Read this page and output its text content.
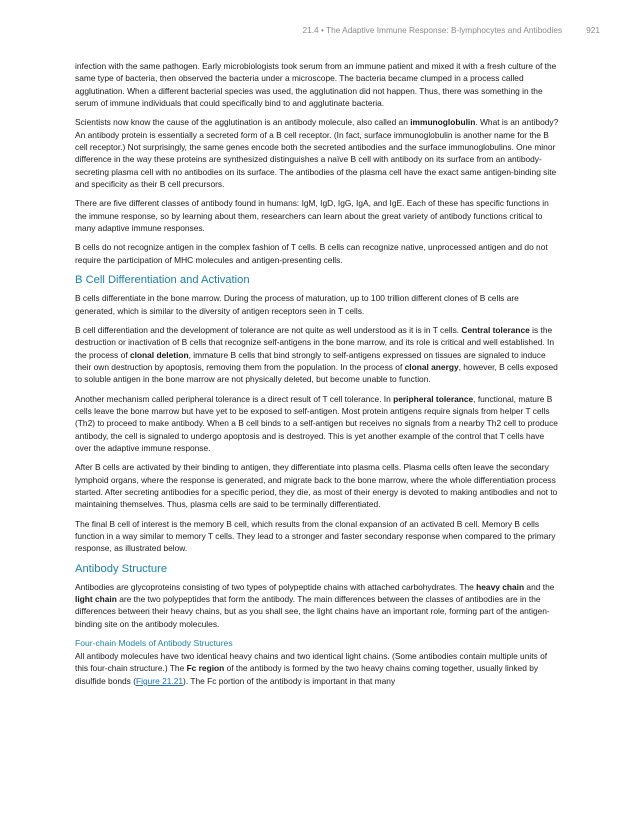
21.4 • The Adaptive Immune Response: B-lymphocytes and Antibodies	921

infection with the same pathogen. Early microbiologists took serum from an immune patient and mixed it with a fresh culture of the same type of bacteria, then observed the bacteria under a microscope. The bacteria became clumped in a process called agglutination. When a different bacterial species was used, the agglutination did not happen. Thus, there was something in the serum of immune individuals that could specifically bind to and agglutinate bacteria.

Scientists now know the cause of the agglutination is an antibody molecule, also called an immunoglobulin. What is an antibody? An antibody protein is essentially a secreted form of a B cell receptor. (In fact, surface immunoglobulin is another name for the B cell receptor.) Not surprisingly, the same genes encode both the secreted antibodies and the surface immunoglobulins. One minor difference in the way these proteins are synthesized distinguishes a naïve B cell with antibody on its surface from an antibody-secreting plasma cell with no antibodies on its surface. The antibodies of the plasma cell have the exact same antigen-binding site and specificity as their B cell precursors.

There are five different classes of antibody found in humans: IgM, IgD, IgG, IgA, and IgE. Each of these has specific functions in the immune response, so by learning about them, researchers can learn about the great variety of antibody functions critical to many adaptive immune responses.

B cells do not recognize antigen in the complex fashion of T cells. B cells can recognize native, unprocessed antigen and do not require the participation of MHC molecules and antigen-presenting cells.

B Cell Differentiation and Activation

B cells differentiate in the bone marrow. During the process of maturation, up to 100 trillion different clones of B cells are generated, which is similar to the diversity of antigen receptors seen in T cells.

B cell differentiation and the development of tolerance are not quite as well understood as it is in T cells. Central tolerance is the destruction or inactivation of B cells that recognize self-antigens in the bone marrow, and its role is critical and well established. In the process of clonal deletion, immature B cells that bind strongly to self-antigens expressed on tissues are signaled to induce their own destruction by apoptosis, removing them from the population. In the process of clonal anergy, however, B cells exposed to soluble antigen in the bone marrow are not physically deleted, but become unable to function.

Another mechanism called peripheral tolerance is a direct result of T cell tolerance. In peripheral tolerance, functional, mature B cells leave the bone marrow but have yet to be exposed to self-antigen. Most protein antigens require signals from helper T cells (Th2) to proceed to make antibody. When a B cell binds to a self-antigen but receives no signals from a nearby Th2 cell to produce antibody, the cell is signaled to undergo apoptosis and is destroyed. This is yet another example of the control that T cells have over the adaptive immune response.

After B cells are activated by their binding to antigen, they differentiate into plasma cells. Plasma cells often leave the secondary lymphoid organs, where the response is generated, and migrate back to the bone marrow, where the whole differentiation process started. After secreting antibodies for a specific period, they die, as most of their energy is devoted to making antibodies and not to maintaining themselves. Thus, plasma cells are said to be terminally differentiated.

The final B cell of interest is the memory B cell, which results from the clonal expansion of an activated B cell. Memory B cells function in a way similar to memory T cells. They lead to a stronger and faster secondary response when compared to the primary response, as illustrated below.

Antibody Structure

Antibodies are glycoproteins consisting of two types of polypeptide chains with attached carbohydrates. The heavy chain and the light chain are the two polypeptides that form the antibody. The main differences between the classes of antibodies are in the differences between their heavy chains, but as you shall see, the light chains have an important role, forming part of the antigen-binding site on the antibody molecules.

Four-chain Models of Antibody Structures

All antibody molecules have two identical heavy chains and two identical light chains. (Some antibodies contain multiple units of this four-chain structure.) The Fc region of the antibody is formed by the two heavy chains coming together, usually linked by disulfide bonds (Figure 21.21). The Fc portion of the antibody is important in that many
